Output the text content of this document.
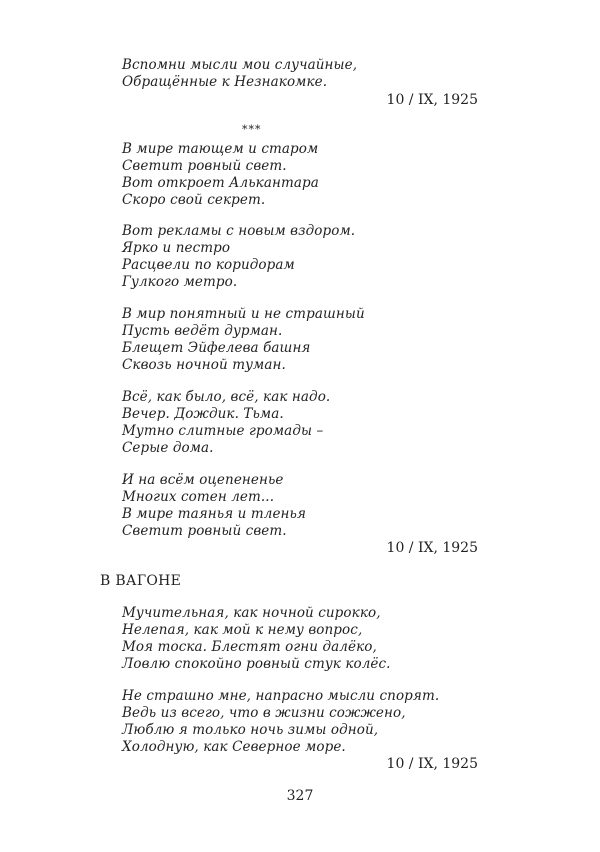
Вспомни мысли мои случайные,
Обращённые к Незнакомке.
10 / IX, 1925
***
В мире тающем и старом
Светит ровный свет.
Вот откроет Алькантара
Скоро свой секрет.
Вот рекламы с новым вздором.
Ярко и пестро
Расцвели по коридорам
Гулкого метро.
В мир понятный и не страшный
Пусть ведёт дурман.
Блещет Эйфелева башня
Сквозь ночной туман.
Всё, как было, всё, как надо.
Вечер. Дождик. Тьма.
Мутно слитные громады –
Серые дома.
И на всём оцепененье
Многих сотен лет...
В мире таянья и тленья
Светит ровный свет.
10 / IX, 1925
В ВАГОНЕ
Мучительная, как ночной сирокко,
Нелепая, как мой к нему вопрос,
Моя тоска. Блестят огни далёко,
Ловлю спокойно ровный стук колёс.
Не страшно мне, напрасно мысли спорят.
Ведь из всего, что в жизни сожжено,
Люблю я только ночь зимы одной,
Холодную, как Северное море.
10 / IX, 1925
327
